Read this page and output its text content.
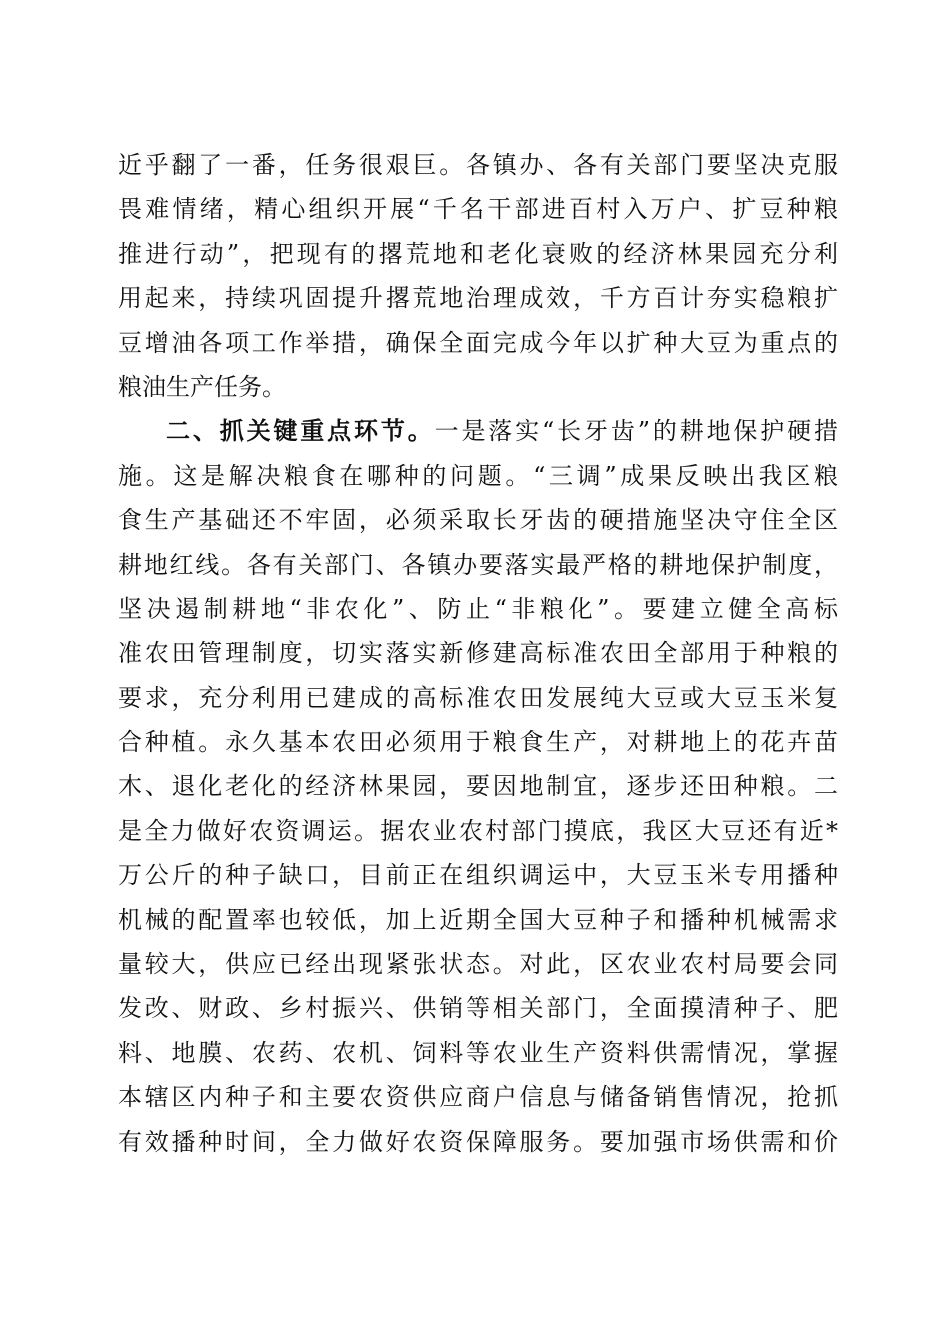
近乎翻了一番，任务很艰巨。各镇办、各有关部门要坚决克服
畏难情绪，精心组织开展“千名干部进百村入万户、扩豆种粮
推进行动”，把现有的撂荒地和老化衰败的经济林果园充分利
用起来，持续巩固提升撂荒地治理成效，千方百计夯实稳粮扩
豆增油各项工作举措，确保全面完成今年以扩种大豆为重点的
粮油生产任务。
二、抓关键重点环节。一是落实“长牙齿”的耕地保护硬措
施。这是解决粮食在哪种的问题。“三调”成果反映出我区粮
食生产基础还不牢固，必须采取长牙齿的硬措施坚决守住全区
耕地红线。各有关部门、各镇办要落实最严格的耕地保护制度，
坚决遏制耕地“非农化”、防止“非粮化”。要建立健全高标
准农田管理制度，切实落实新修建高标准农田全部用于种粮的
要求，充分利用已建成的高标准农田发展纯大豆或大豆玉米复
合种植。永久基本农田必须用于粮食生产，对耕地上的花卉苗
木、退化老化的经济林果园，要因地制宜，逐步还田种粮。二
是全力做好农资调运。据农业农村部门摸底，我区大豆还有近*
万公斤的种子缺口，目前正在组织调运中，大豆玉米专用播种
机械的配置率也较低，加上近期全国大豆种子和播种机械需求
量较大，供应已经出现紧张状态。对此，区农业农村局要会同
发改、财政、乡村振兴、供销等相关部门，全面摸清种子、肥
料、地膜、农药、农机、饲料等农业生产资料供需情况，掌握
本辖区内种子和主要农资供应商户信息与储备销售情况，抢抓
有效播种时间，全力做好农资保障服务。要加强市场供需和价
